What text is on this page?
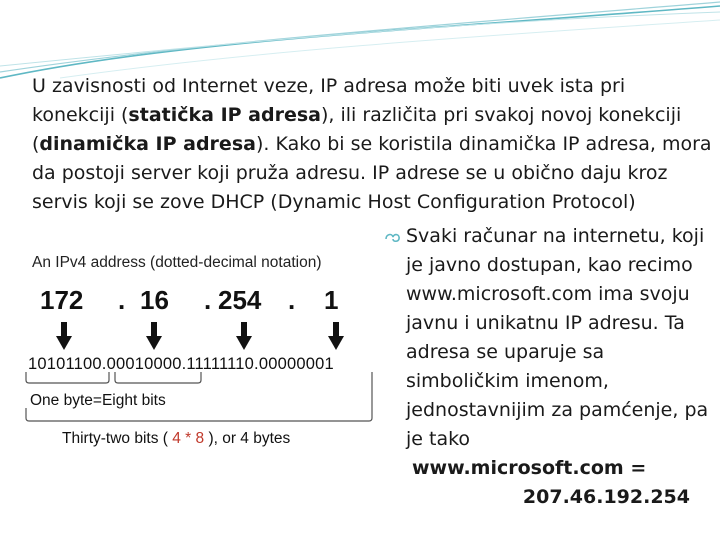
U zavisnosti od Internet veze, IP adresa može biti uvek ista pri konekciji (statička IP adresa), ili različita pri svakoj novoj konekciji (dinamička IP adresa). Kako bi se koristila dinamička IP adresa, mora da postoji server koji pruža adresu. IP adrese se u obično daju kroz servis koji se zove DHCP (Dynamic Host Configuration Protocol)

An IPv4 address (dotted-decimal notation)
172 . 16 . 254 . 1
10101100.00010000.11111110.00000001
One byte=Eight bits
Thirty-two bits ( 4 * 8 ), or 4 bytes
Svaki računar na internetu, koji
je javno dostupan, kao recimo
www.microsoft.com ima svoju
javnu i unikatnu IP adresu. Ta
adresa se uparuje sa
simboličkim imenom,
jednostavnijim za pamćenje, pa
je tako
www.microsoft.com =
207.46.192.254
